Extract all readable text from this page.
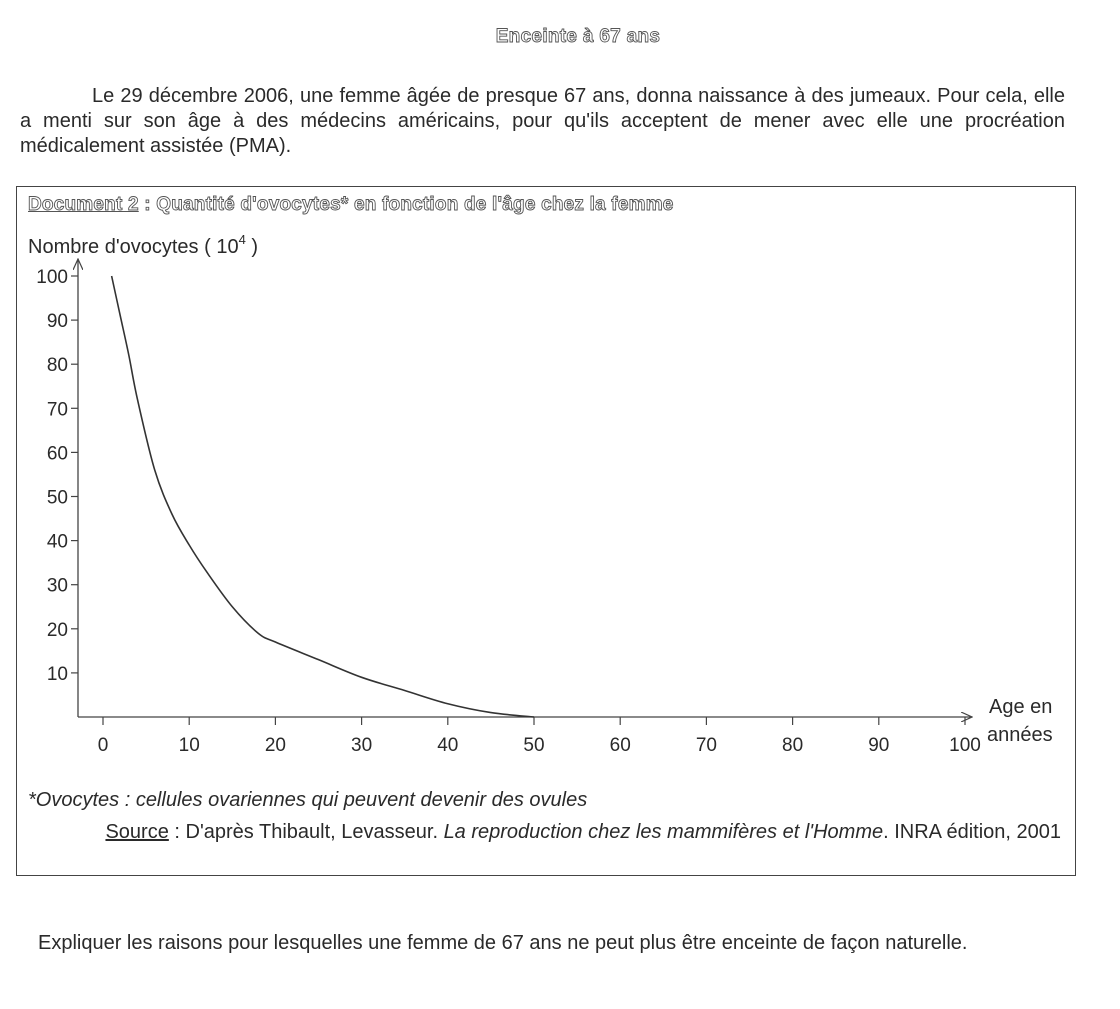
Enceinte à 67 ans
Le 29 décembre 2006, une femme âgée de presque 67 ans, donna naissance à des jumeaux. Pour cela, elle a menti sur son âge à des médecins américains, pour qu'ils acceptent de mener avec elle une procréation médicalement assistée (PMA).
Document 2 : Quantité d'ovocytes* en fonction de l'âge chez la femme
Nombre d'ovocytes ( $10^4$ )
10
20
30
40
50
60
70
80
90
100
0	10	20	30	40	50	60	70	80	90	100
Age en
années
*Ovocytes : cellules ovariennes qui peuvent devenir des ovules
Source : D'après Thibault, Levasseur. La reproduction chez les mammifères et l'Homme. INRA édition, 2001
Expliquer les raisons pour lesquelles une femme de 67 ans ne peut plus être enceinte de façon naturelle.
